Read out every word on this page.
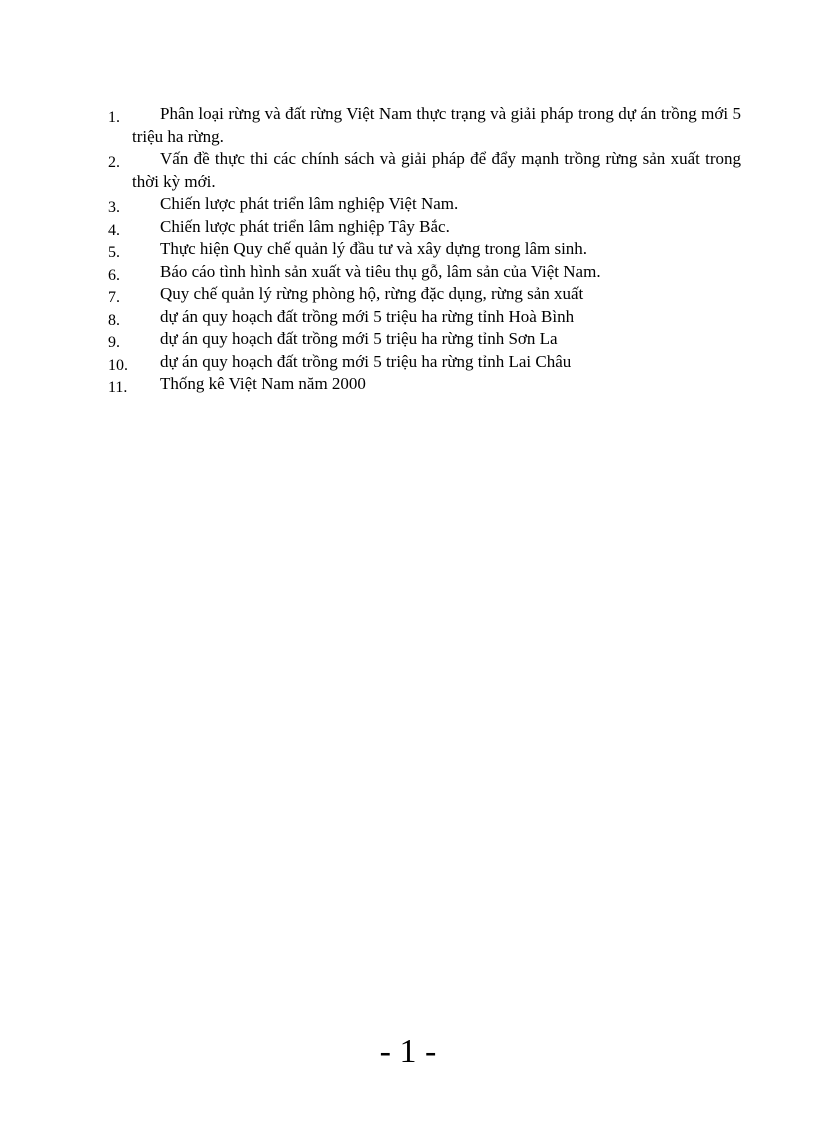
1.	Phân loại rừng và đất rừng Việt Nam thực trạng và giải pháp trong dự án trồng mới 5 triệu ha rừng.
2.	Vấn đề thực thi các chính sách và giải pháp để đẩy mạnh trồng rừng sản xuất trong thời kỳ mới.
3.	Chiến lược phát triển lâm nghiệp Việt Nam.
4.	Chiến lược phát triển lâm nghiệp Tây Bắc.
5.	Thực hiện Quy chế quản lý đầu tư và xây dựng trong lâm sinh.
6.	Báo cáo tình hình sản xuất và tiêu thụ gỗ, lâm sản của Việt Nam.
7.	Quy chế quản lý rừng phòng hộ, rừng đặc dụng, rừng sản xuất
8.	dự án quy hoạch đất trồng mới 5 triệu ha rừng tỉnh Hoà Bình
9.	dự án quy hoạch đất trồng mới 5 triệu ha rừng tỉnh Sơn La
10.	dự án quy hoạch đất trồng mới 5 triệu ha rừng tỉnh Lai Châu
11.	Thống kê Việt Nam năm 2000
- 1 -
